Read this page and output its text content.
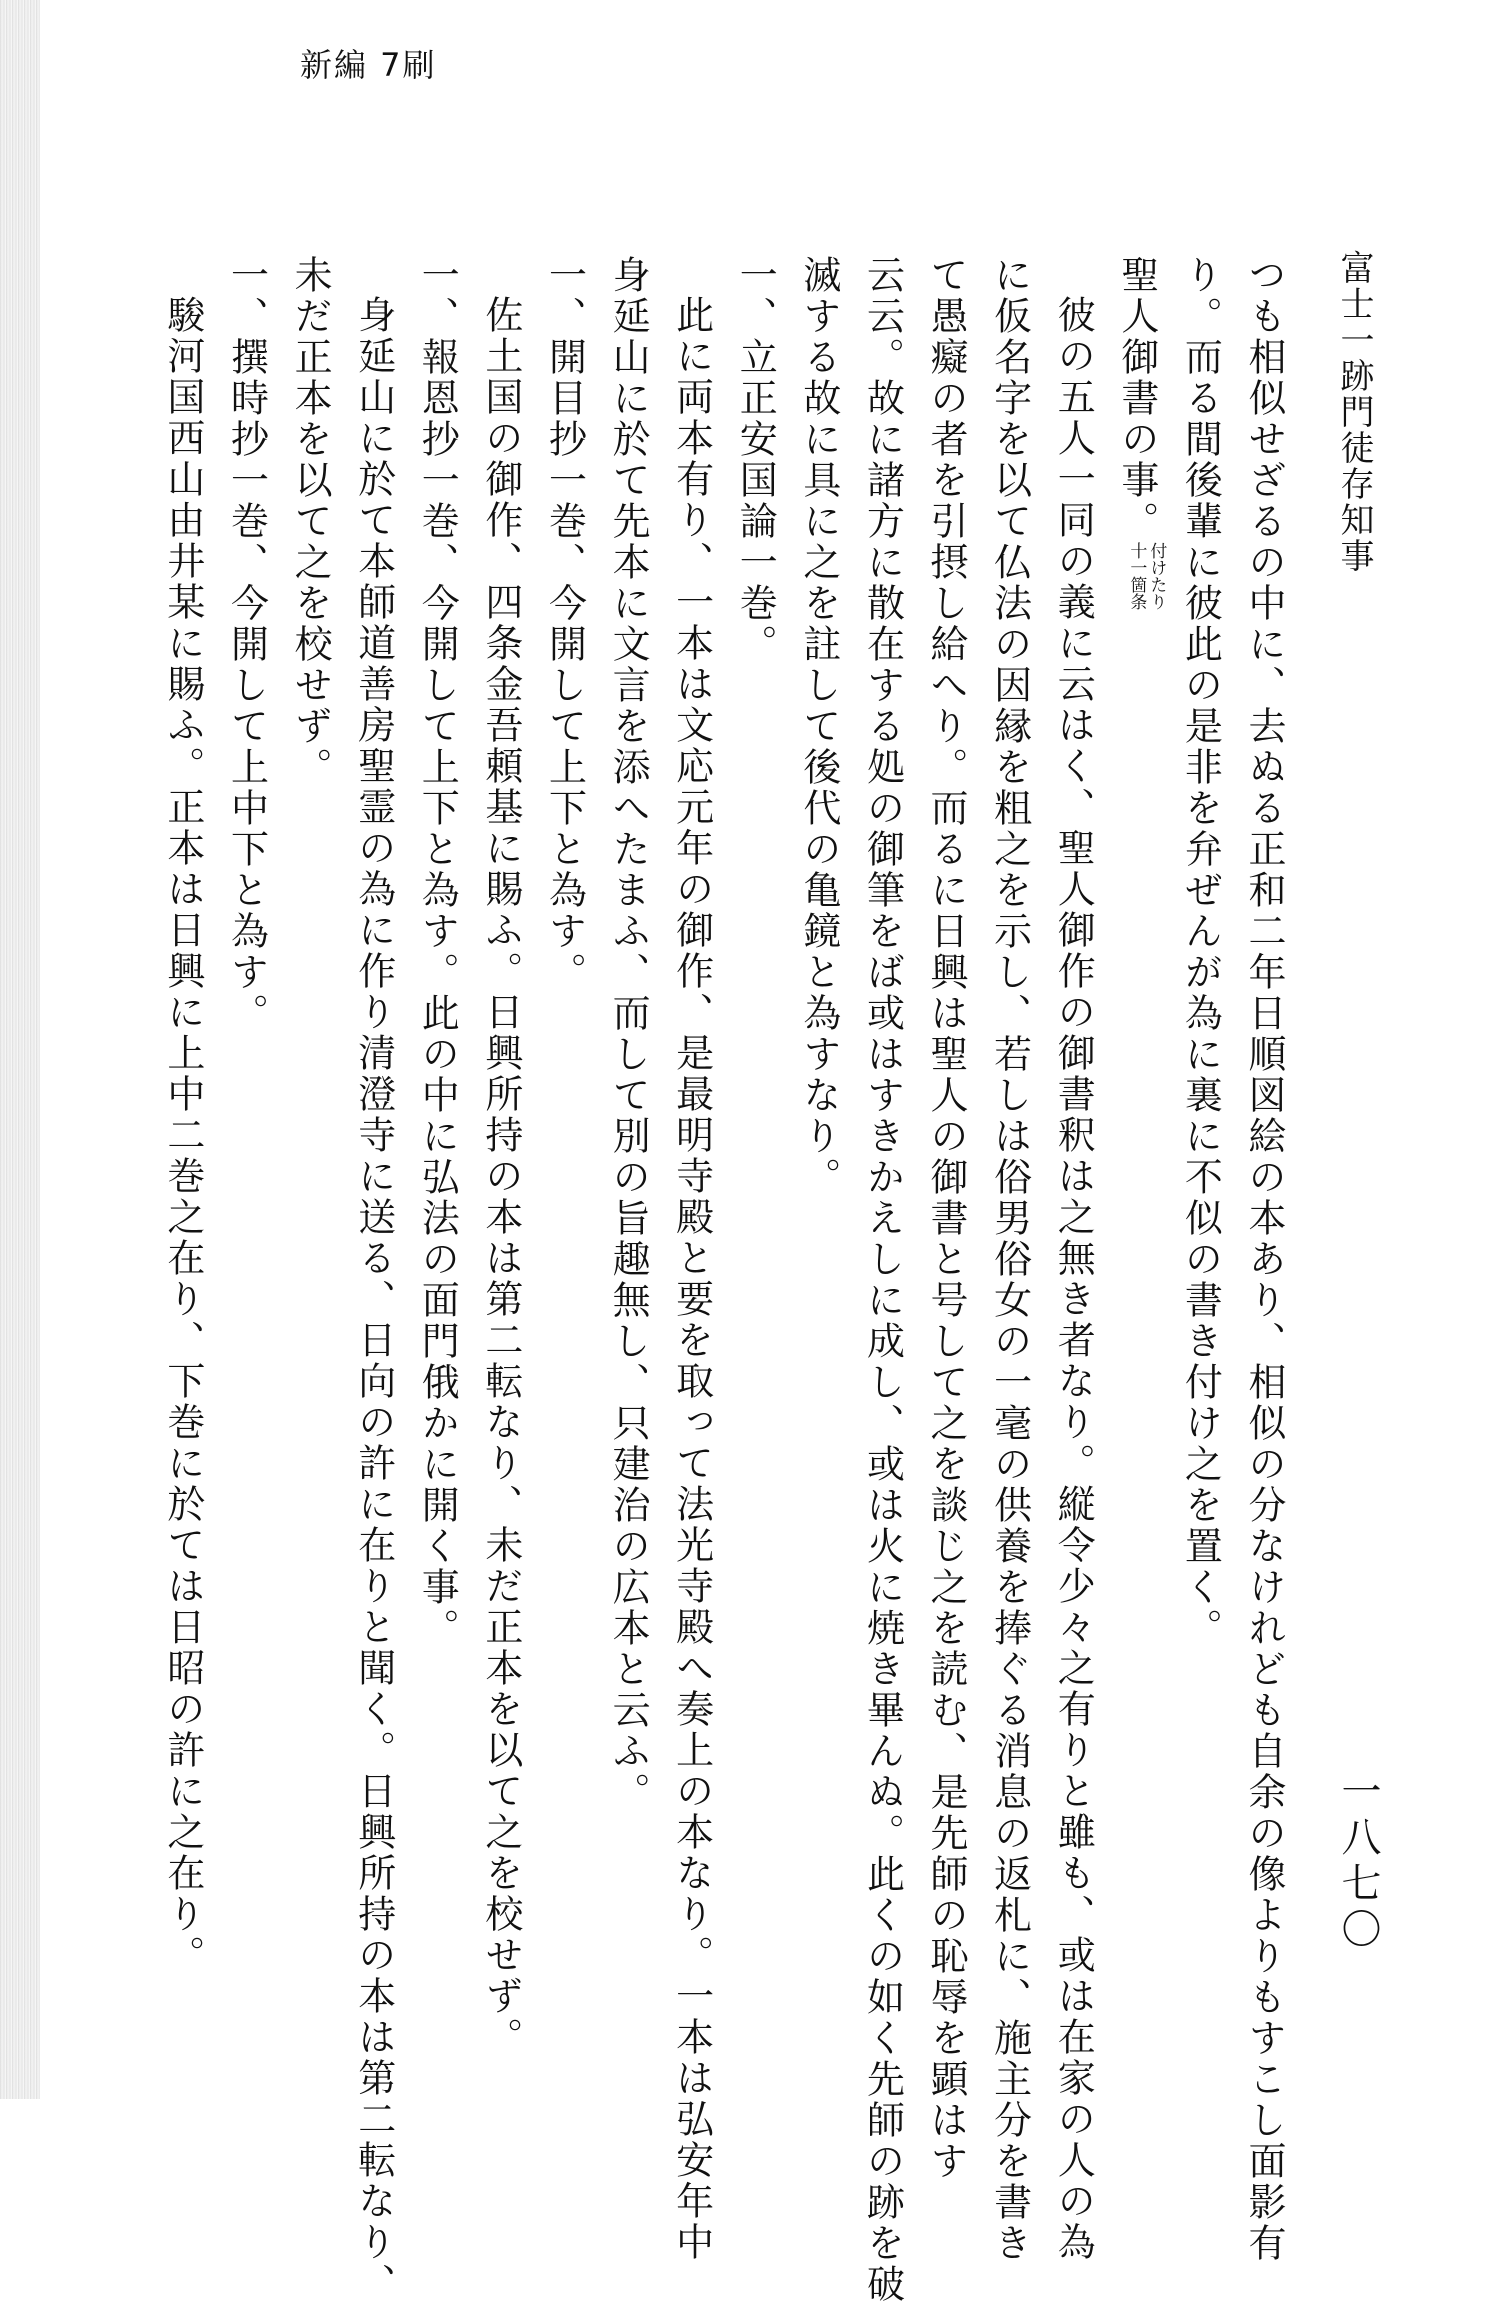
新編 7刷
富士一跡門徒存知事
一八七〇
つも相似せざるの中に、去ぬる正和二年日順図絵の本あり、相似の分なけれども自余の像よりもすこし面影有
り。而る間後輩に彼此の是非を弁ぜんが為に裏に不似の書き付け之を置く。
聖人御書の事。付けたり
十一箇条
彼の五人一同の義に云はく、聖人御作の御書釈は之無き者なり。縦令少々之有りと雖も、或は在家の人の為
に仮名字を以て仏法の因縁を粗之を示し、若しは俗男俗女の一毫の供養を捧ぐる消息の返札に、施主分を書き
て愚癡の者を引摂し給へり。而るに日興は聖人の御書と号して之を談じ之を読む、是先師の恥辱を顕はす
云云。故に諸方に散在する処の御筆をば或はすきかえしに成し、或は火に焼き畢んぬ。此くの如く先師の跡を破
滅する故に具に之を註して後代の亀鏡と為すなり。
一、立正安国論一巻。
此に両本有り、一本は文応元年の御作、是最明寺殿と要を取って法光寺殿へ奏上の本なり。一本は弘安年中
身延山に於て先本に文言を添へたまふ、而して別の旨趣無し、只建治の広本と云ふ。
一、開目抄一巻、今開して上下と為す。
佐土国の御作、四条金吾頼基に賜ふ。日興所持の本は第二転なり、未だ正本を以て之を校せず。
一、報恩抄一巻、今開して上下と為す。此の中に弘法の面門俄かに開く事。
身延山に於て本師道善房聖霊の為に作り清澄寺に送る、日向の許に在りと聞く。日興所持の本は第二転なり、
未だ正本を以て之を校せず。
一、撰時抄一巻、今開して上中下と為す。
駿河国西山由井某に賜ふ。正本は日興に上中二巻之在り、下巻に於ては日昭の許に之在り。
